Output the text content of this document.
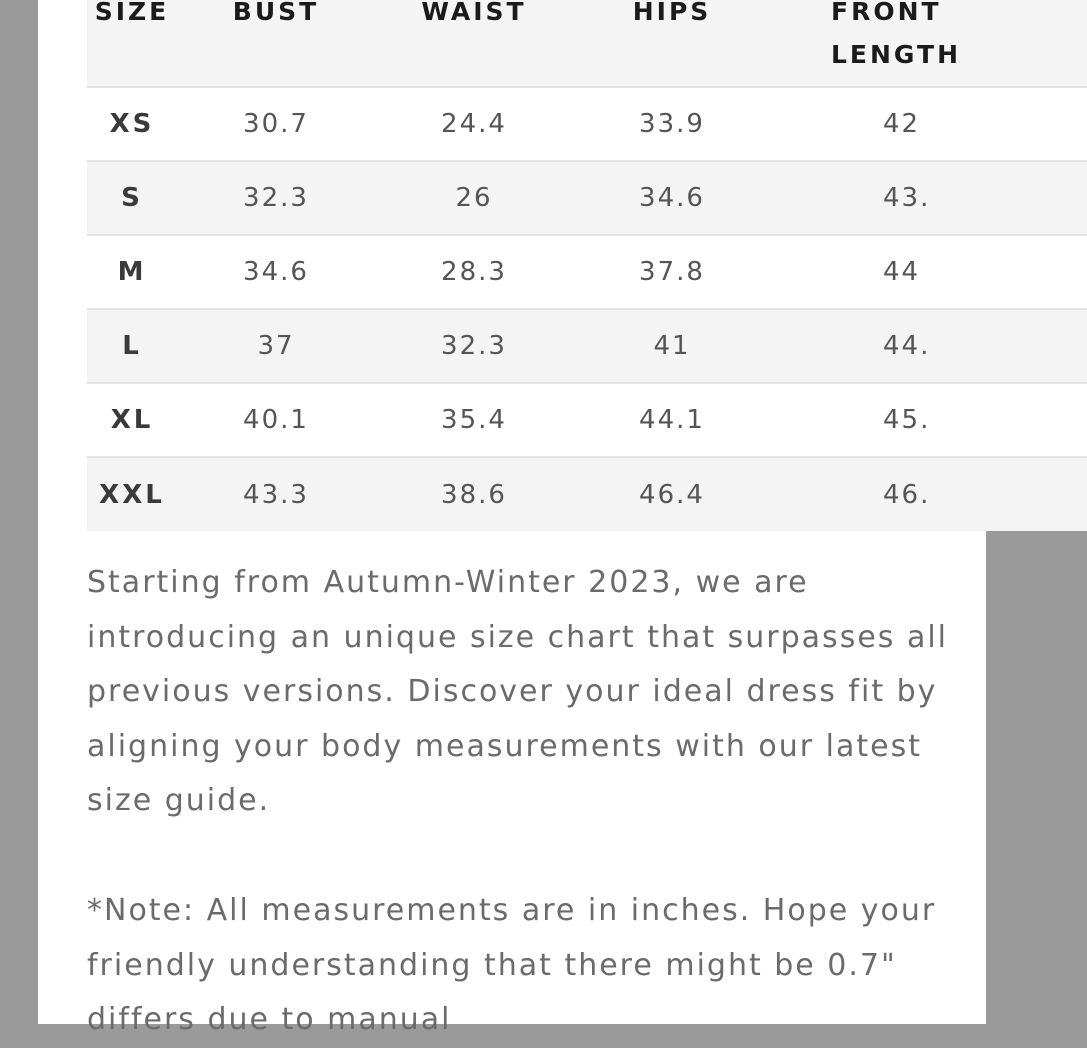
SIZE	BUST	WAIST	HIPS	FRONT
LENGTH

XS	30.7	24.4	33.9	42
S	32.3	26	34.6	43.
M	34.6	28.3	37.8	44
L	37	32.3	41	44.
XL	40.1	35.4	44.1	45.
XXL	43.3	38.6	46.4	46.

Starting from Autumn-Winter 2023, we are introducing an unique size chart that surpasses all previous versions. Discover your ideal dress fit by aligning your body measurements with our latest size guide.

*Note: All measurements are in inches. Hope your friendly understanding that there might be 0.7" differs due to manual
